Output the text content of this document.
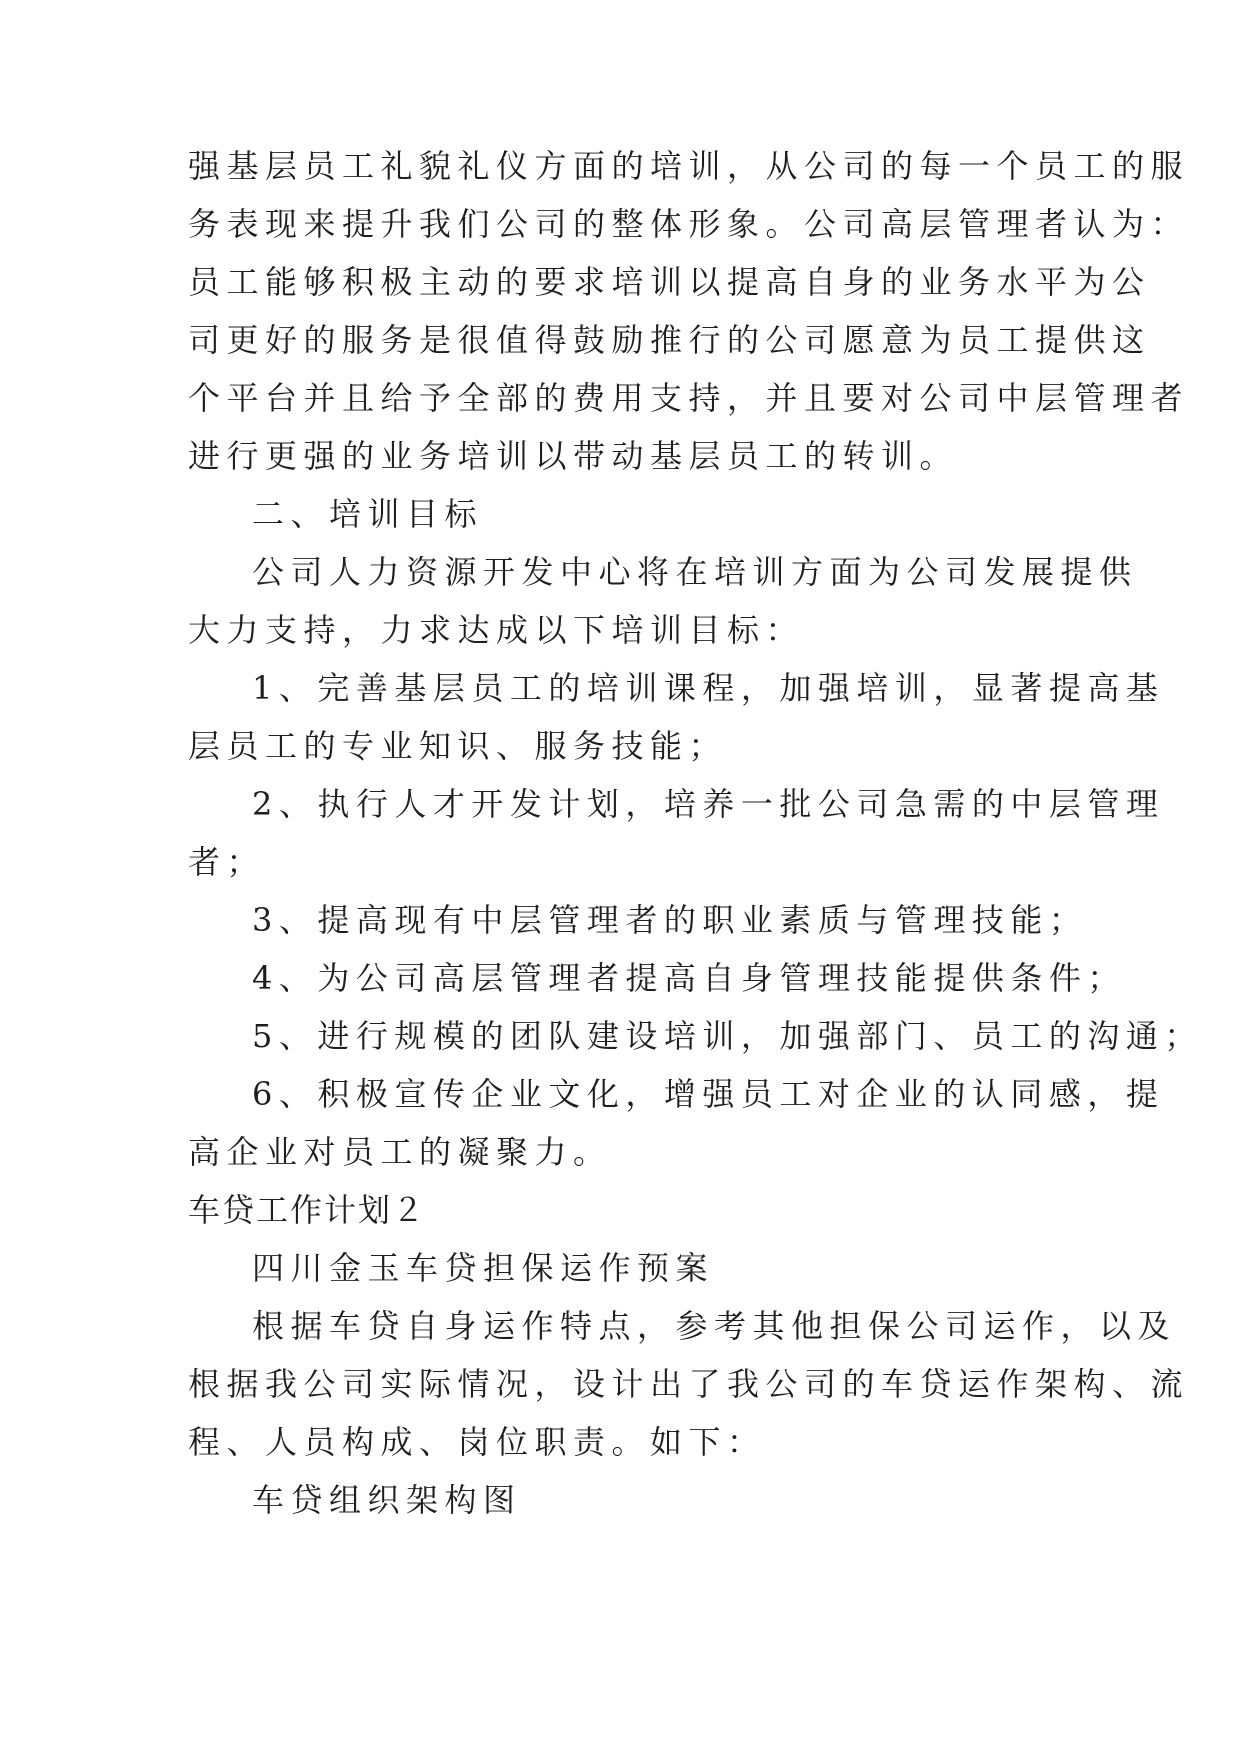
强基层员工礼貌礼仪方面的培训，从公司的每一个员工的服
务表现来提升我们公司的整体形象。公司高层管理者认为：
员工能够积极主动的要求培训以提高自身的业务水平为公
司更好的服务是很值得鼓励推行的公司愿意为员工提供这
个平台并且给予全部的费用支持，并且要对公司中层管理者
进行更强的业务培训以带动基层员工的转训。
二、培训目标
公司人力资源开发中心将在培训方面为公司发展提供
大力支持，力求达成以下培训目标：
1、完善基层员工的培训课程，加强培训，显著提高基
层员工的专业知识、服务技能；
2、执行人才开发计划，培养一批公司急需的中层管理
者；
3、提高现有中层管理者的职业素质与管理技能；
4、为公司高层管理者提高自身管理技能提供条件；
5、进行规模的团队建设培训，加强部门、员工的沟通；
6、积极宣传企业文化，增强员工对企业的认同感，提
高企业对员工的凝聚力。
车贷工作计划２
四川金玉车贷担保运作预案
根据车贷自身运作特点，参考其他担保公司运作，以及
根据我公司实际情况，设计出了我公司的车贷运作架构、流
程、人员构成、岗位职责。如下：
车贷组织架构图
